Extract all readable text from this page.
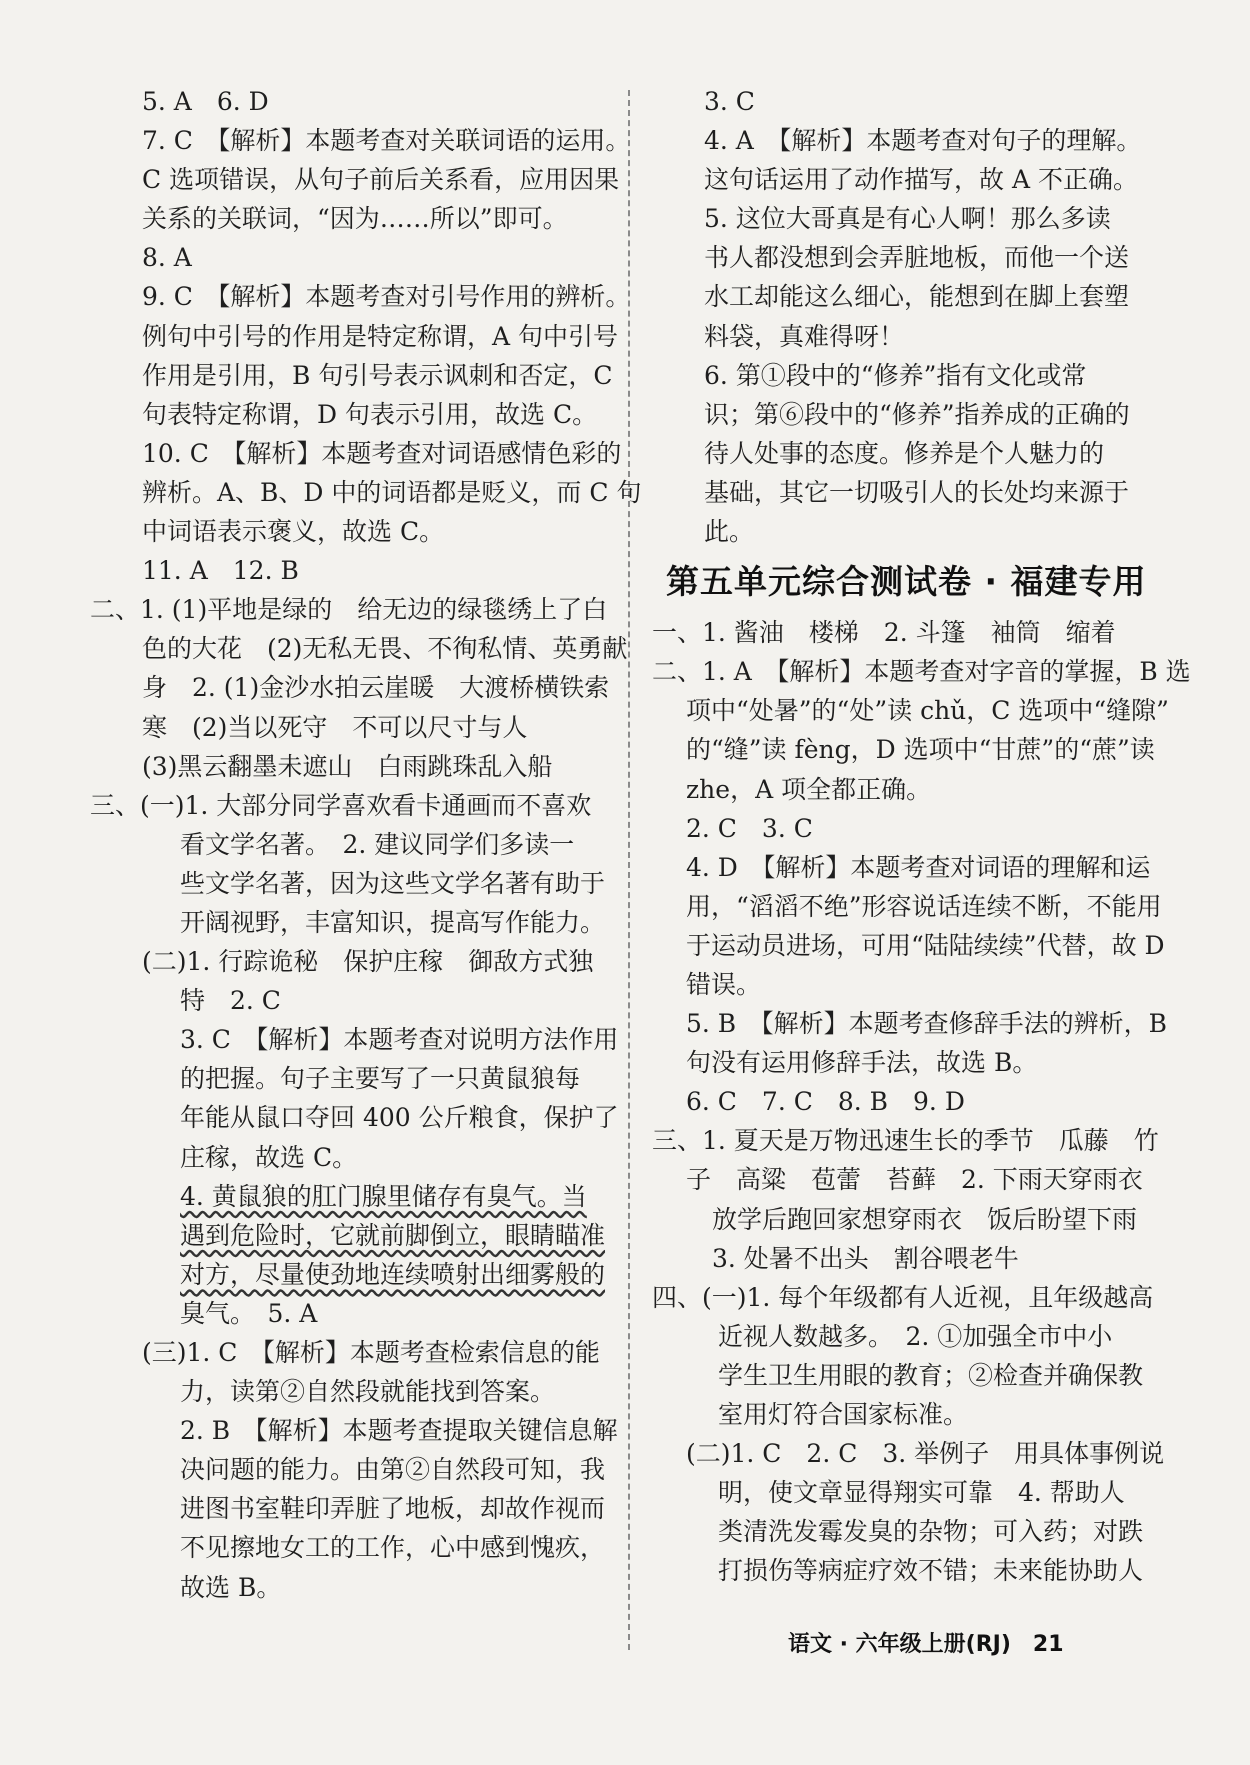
5. A　6. D
7. C　【解析】本题考查对关联词语的运用。
C 选项错误，从句子前后关系看，应用因果
关系的关联词，“因为……所以”即可。
8. A
9. C　【解析】本题考查对引号作用的辨析。
例句中引号的作用是特定称谓，A 句中引号
作用是引用，B 句引号表示讽刺和否定，C
句表特定称谓，D 句表示引用，故选 C。
10. C　【解析】本题考查对词语感情色彩的
辨析。A、B、D 中的词语都是贬义，而 C 句
中词语表示褒义，故选 C。
11. A　12. B
二、1. (1)平地是绿的　给无边的绿毯绣上了白
色的大花　(2)无私无畏、不徇私情、英勇献
身　2. (1)金沙水拍云崖暖　大渡桥横铁索
寒　(2)当以死守　不可以尺寸与人
(3)黑云翻墨未遮山　白雨跳珠乱入船
三、(一)1. 大部分同学喜欢看卡通画而不喜欢
看文学名著。　2. 建议同学们多读一
些文学名著，因为这些文学名著有助于
开阔视野，丰富知识，提高写作能力。
(二)1. 行踪诡秘　保护庄稼　御敌方式独
特　2. C
3. C　【解析】本题考查对说明方法作用
的把握。句子主要写了一只黄鼠狼每
年能从鼠口夺回 400 公斤粮食，保护了
庄稼，故选 C。
4. 黄鼠狼的肛门腺里储存有臭气。当
遇到危险时，它就前脚倒立，眼睛瞄准
对方，尽量使劲地连续喷射出细雾般的
臭气。　5. A
(三)1. C　【解析】本题考查检索信息的能
力，读第②自然段就能找到答案。
2. B　【解析】本题考查提取关键信息解
决问题的能力。由第②自然段可知，我
进图书室鞋印弄脏了地板，却故作视而
不见擦地女工的工作，心中感到愧疚，
故选 B。
3. C
4. A　【解析】本题考查对句子的理解。
这句话运用了动作描写，故 A 不正确。
5. 这位大哥真是有心人啊！那么多读
书人都没想到会弄脏地板，而他一个送
水工却能这么细心，能想到在脚上套塑
料袋，真难得呀！
6. 第①段中的“修养”指有文化或常
识；第⑥段中的“修养”指养成的正确的
待人处事的态度。修养是个人魅力的
基础，其它一切吸引人的长处均来源于
此。
第五单元综合测试卷 · 福建专用
一、1. 酱油　楼梯　2. 斗篷　袖筒　缩着
二、1. A　【解析】本题考查对字音的掌握，B 选
项中“处暑”的“处”读 chǔ，C 选项中“缝隙”
的“缝”读 fèng，D 选项中“甘蔗”的“蔗”读
zhe，A 项全都正确。
2. C　3. C
4. D　【解析】本题考查对词语的理解和运
用，“滔滔不绝”形容说话连续不断，不能用
于运动员进场，可用“陆陆续续”代替，故 D
错误。
5. B　【解析】本题考查修辞手法的辨析，B
句没有运用修辞手法，故选 B。
6. C　7. C　8. B　9. D
三、1. 夏天是万物迅速生长的季节　瓜藤　竹
子　高粱　苞蕾　苔藓　2. 下雨天穿雨衣
放学后跑回家想穿雨衣　饭后盼望下雨
3. 处暑不出头　割谷喂老牛
四、(一)1. 每个年级都有人近视，且年级越高
近视人数越多。　2. ①加强全市中小
学生卫生用眼的教育；②检查并确保教
室用灯符合国家标准。
(二)1. C　2. C　3. 举例子　用具体事例说
明，使文章显得翔实可靠　4. 帮助人
类清洗发霉发臭的杂物；可入药；对跌
打损伤等病症疗效不错；未来能协助人
语文 · 六年级上册(RJ) 21
